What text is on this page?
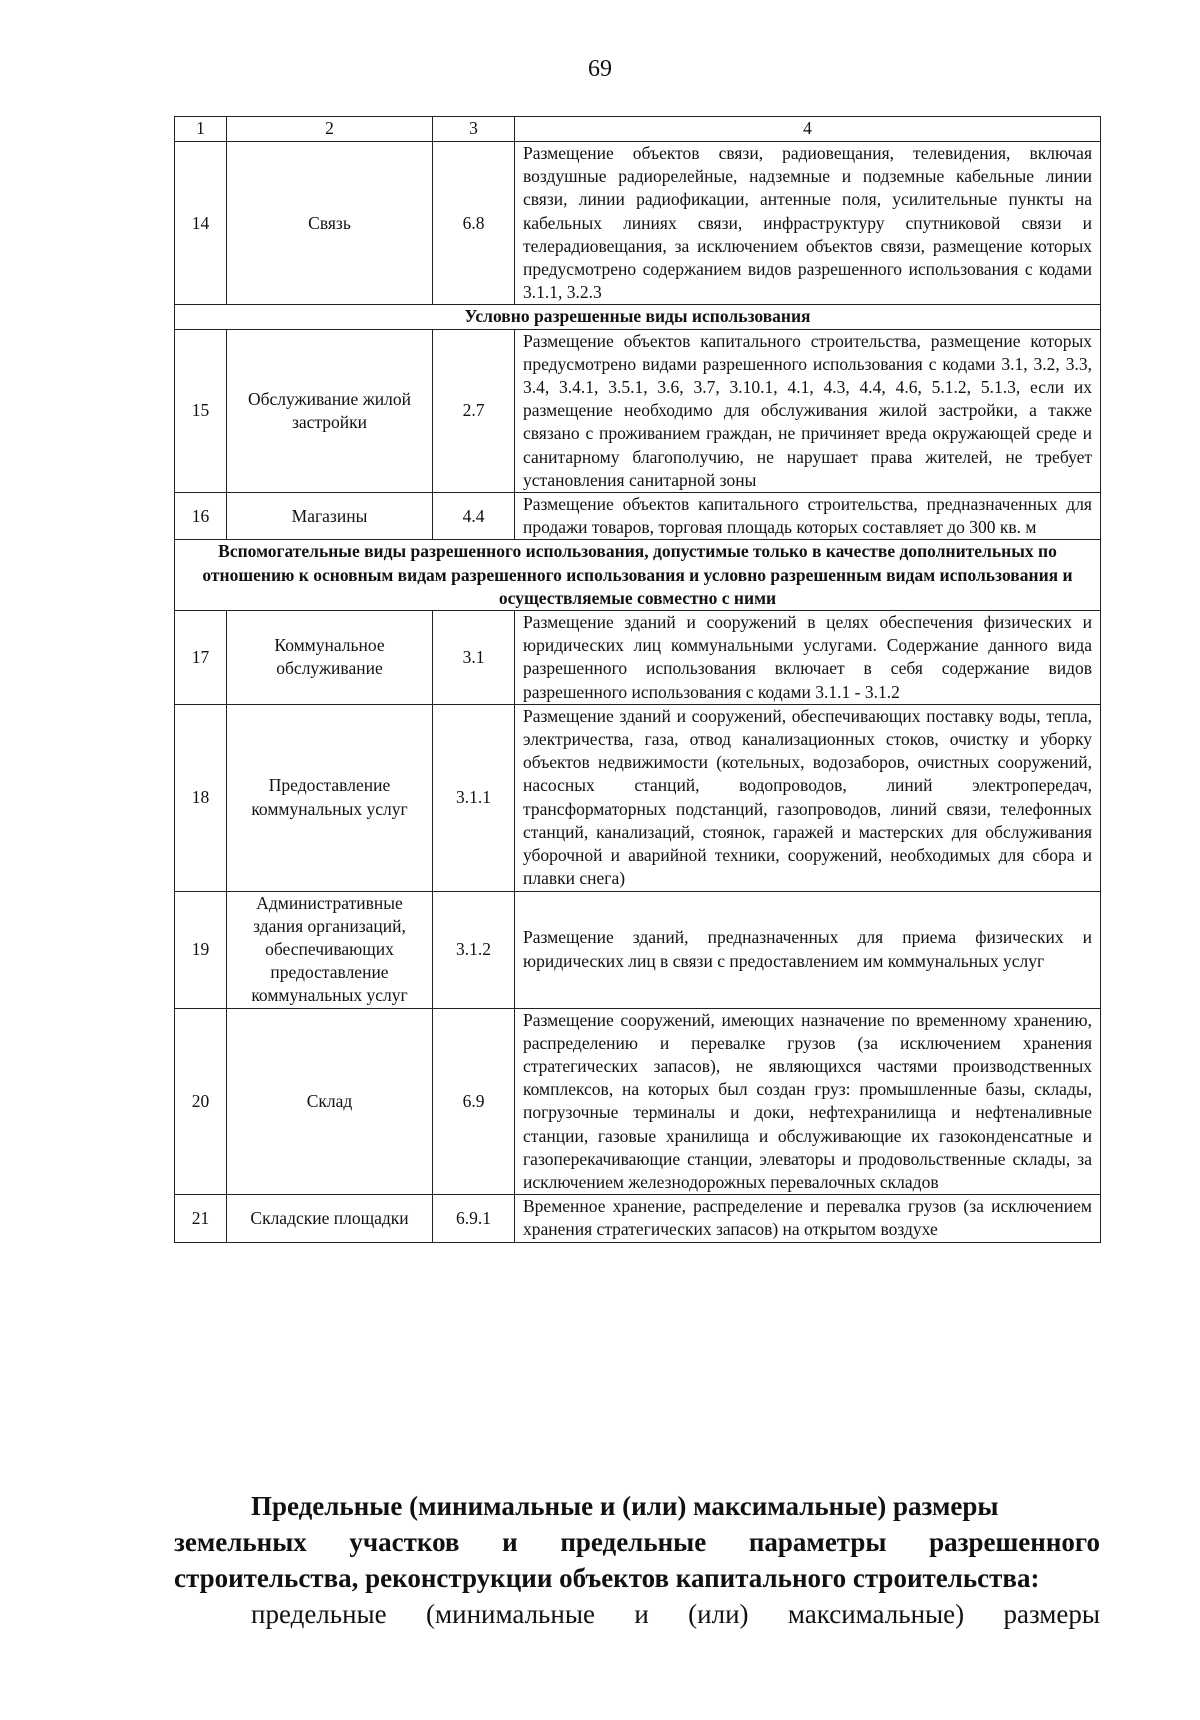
69
1	2	3	4
14	Связь	6.8	Размещение объектов связи, радиовещания, телевидения, включая воздушные радиорелейные, надземные и подземные кабельные линии связи, линии радиофикации, антенные поля, усилительные пункты на кабельных линиях связи, инфраструктуру спутниковой связи и телерадиовещания, за исключением объектов связи, размещение которых предусмотрено содержанием видов разрешенного использования с кодами 3.1.1, 3.2.3
Условно разрешенные виды использования			
15	Обслуживание жилой застройки	2.7	Размещение объектов капитального строительства, размещение которых предусмотрено видами разрешенного использования с кодами 3.1, 3.2, 3.3, 3.4, 3.4.1, 3.5.1, 3.6, 3.7, 3.10.1, 4.1, 4.3, 4.4, 4.6, 5.1.2, 5.1.3, если их размещение необходимо для обслуживания жилой застройки, а также связано с проживанием граждан, не причиняет вреда окружающей среде и санитарному благополучию, не нарушает права жителей, не требует установления санитарной зоны
16	Магазины	4.4	Размещение объектов капитального строительства, предназначенных для продажи товаров, торговая площадь которых составляет до 300 кв. м
Вспомогательные виды разрешенного использования, допустимые только в качестве дополнительных по отношению к основным видам разрешенного использования и условно разрешенным видам использования и осуществляемые совместно с ними			
17	Коммунальное обслуживание	3.1	Размещение зданий и сооружений в целях обеспечения физических и юридических лиц коммунальными услугами. Содержание данного вида разрешенного использования включает в себя содержание видов разрешенного использования с кодами 3.1.1 - 3.1.2
18	Предоставление коммунальных услуг	3.1.1	Размещение зданий и сооружений, обеспечивающих поставку воды, тепла, электричества, газа, отвод канализационных стоков, очистку и уборку объектов недвижимости (котельных, водозаборов, очистных сооружений, насосных станций, водопроводов, линий электропередач, трансформаторных подстанций, газопроводов, линий связи, телефонных станций, канализаций, стоянок, гаражей и мастерских для обслуживания уборочной и аварийной техники, сооружений, необходимых для сбора и плавки снега)
19	Административные здания организаций, обеспечивающих предоставление коммунальных услуг	3.1.2	Размещение зданий, предназначенных для приема физических и юридических лиц в связи с предоставлением им коммунальных услуг
20	Склад	6.9	Размещение сооружений, имеющих назначение по временному хранению, распределению и перевалке грузов (за исключением хранения стратегических запасов), не являющихся частями производственных комплексов, на которых был создан груз: промышленные базы, склады, погрузочные терминалы и доки, нефтехранилища и нефтеналивные станции, газовые хранилища и обслуживающие их газоконденсатные и газоперекачивающие станции, элеваторы и продовольственные склады, за исключением железнодорожных перевалочных складов
21	Складские площадки	6.9.1	Временное хранение, распределение и перевалка грузов (за исключением хранения стратегических запасов) на открытом воздухе
Предельные (минимальные и (или) максимальные) размеры
земельных участков и предельные параметры разрешенного строительства, реконструкции объектов капитального строительства:
предельные (минимальные и (или) максимальные) размеры
